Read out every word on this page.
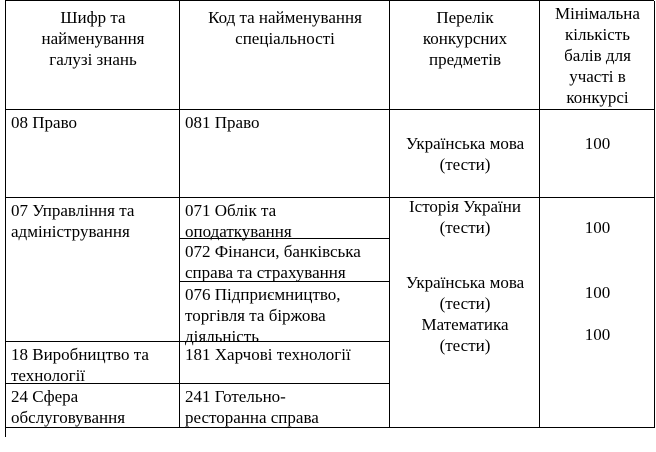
Шифр та
найменування
галузі знань
Код та найменування
спеціальності
Перелік
конкурсних
предметів
Мінімальна
кількість
балів для
участі в
конкурсі
08 Право	081 Право

Українська мова
(тести)

Історія України
(тести)

100

100

07 Управління та
адміністрування
071 Облік та
оподаткування
072 Фінанси, банківська
справа та страхування
076 Підприємництво,
торгівля та біржова
діяльність
18 Виробництво та
технології
181 Харчові технології
24 Сфера
обслуговування
241 Готельно-
ресторанна справа
Українська мова
(тести)
Математика
(тести)
100
100
